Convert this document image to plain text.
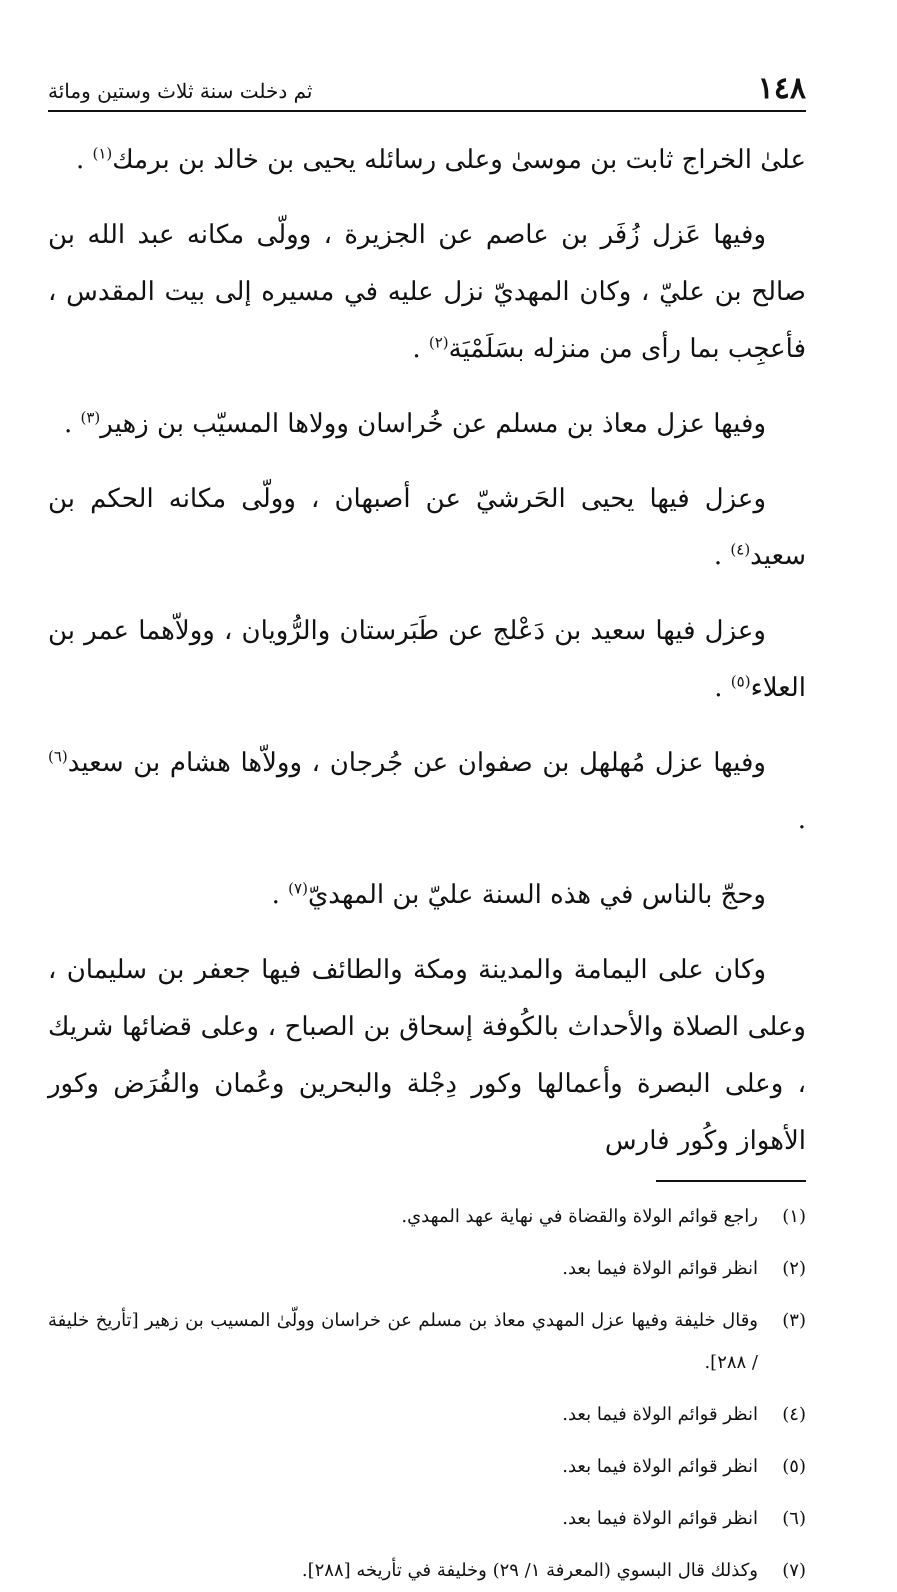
١٤٨
ثم دخلت سنة ثلاث وستين ومائة

علىٰ الخراج ثابت بن موسىٰ وعلى رسائله يحيى بن خالد بن برمك$^{(١)}$ .

وفيها عَزل زُفَر بن عاصم عن الجزيرة ، وولّى مكانه عبد الله بن صالح بن عليّ ، وكان المهديّ نزل عليه في مسيره إلى بيت المقدس ، فأعجِب بما رأى من منزله بسَلَمْيَة$^{(٢)}$ .

وفيها عزل معاذ بن مسلم عن خُراسان وولاها المسيّب بن زهير$^{(٣)}$ .

وعزل فيها يحيى الحَرشيّ عن أصبهان ، وولّى مكانه الحكم بن سعيد$^{(٤)}$ .

وعزل فيها سعيد بن دَعْلج عن طَبَرستان والرُّويان ، وولاّهما عمر بن العلاء$^{(٥)}$ .

وفيها عزل مُهلهل بن صفوان عن جُرجان ، وولاّها هشام بن سعيد$^{(٦)}$ .

وحجّ بالناس في هذه السنة عليّ بن المهديّ$^{(٧)}$ .

وكان على اليمامة والمدينة ومكة والطائف فيها جعفر بن سليمان ، وعلى الصلاة والأحداث بالكُوفة إسحاق بن الصباح ، وعلى قضائها شريك ، وعلى البصرة وأعمالها وكور دِجْلة والبحرين وعُمان والفُرَض وكور الأهواز وكُور فارس

(١)
راجع قوائم الولاة والقضاة في نهاية عهد المهدي.
(٢)
انظر قوائم الولاة فيما بعد.
(٣)
وقال خليفة وفيها عزل المهدي معاذ بن مسلم عن خراسان وولّىٰ المسيب بن زهير [تأريخ خليفة / ٢٨٨].
(٤)
انظر قوائم الولاة فيما بعد.
(٥)
انظر قوائم الولاة فيما بعد.
(٦)
انظر قوائم الولاة فيما بعد.
(٧)
وكذلك قال البسوي (المعرفة ١/ ٢٩) وخليفة في تأريخه [٢٨٨].
